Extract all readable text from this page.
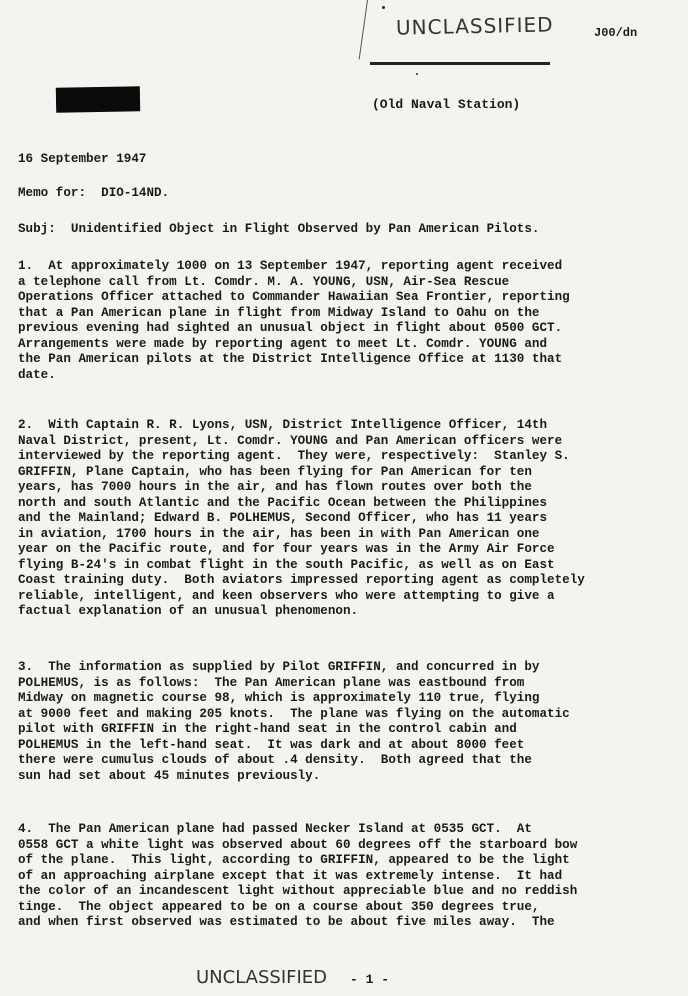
UNCLASSIFIED	J00/dn
(Old Naval Station)
16 September 1947
Memo for:  DIO-14ND.
Subj:  Unidentified Object in Flight Observed by Pan American Pilots.
1.  At approximately 1000 on 13 September 1947, reporting agent received
a telephone call from Lt. Comdr. M. A. YOUNG, USN, Air-Sea Rescue
Operations Officer attached to Commander Hawaiian Sea Frontier, reporting
that a Pan American plane in flight from Midway Island to Oahu on the
previous evening had sighted an unusual object in flight about 0500 GCT.
Arrangements were made by reporting agent to meet Lt. Comdr. YOUNG and
the Pan American pilots at the District Intelligence Office at 1130 that
date.
2.  With Captain R. R. Lyons, USN, District Intelligence Officer, 14th
Naval District, present, Lt. Comdr. YOUNG and Pan American officers were
interviewed by the reporting agent.  They were, respectively:  Stanley S.
GRIFFIN, Plane Captain, who has been flying for Pan American for ten
years, has 7000 hours in the air, and has flown routes over both the
north and south Atlantic and the Pacific Ocean between the Philippines
and the Mainland; Edward B. POLHEMUS, Second Officer, who has 11 years
in aviation, 1700 hours in the air, has been in with Pan American one
year on the Pacific route, and for four years was in the Army Air Force
flying B-24's in combat flight in the south Pacific, as well as on East
Coast training duty.  Both aviators impressed reporting agent as completely
reliable, intelligent, and keen observers who were attempting to give a
factual explanation of an unusual phenomenon.
3.  The information as supplied by Pilot GRIFFIN, and concurred in by
POLHEMUS, is as follows:  The Pan American plane was eastbound from
Midway on magnetic course 98, which is approximately 110 true, flying
at 9000 feet and making 205 knots.  The plane was flying on the automatic
pilot with GRIFFIN in the right-hand seat in the control cabin and
POLHEMUS in the left-hand seat.  It was dark and at about 8000 feet
there were cumulus clouds of about .4 density.  Both agreed that the
sun had set about 45 minutes previously.
4.  The Pan American plane had passed Necker Island at 0535 GCT.  At
0558 GCT a white light was observed about 60 degrees off the starboard bow
of the plane.  This light, according to GRIFFIN, appeared to be the light
of an approaching airplane except that it was extremely intense.  It had
the color of an incandescent light without appreciable blue and no reddish
tinge.  The object appeared to be on a course about 350 degrees true,
and when first observed was estimated to be about five miles away.  The
UNCLASSIFIED - 1 -
